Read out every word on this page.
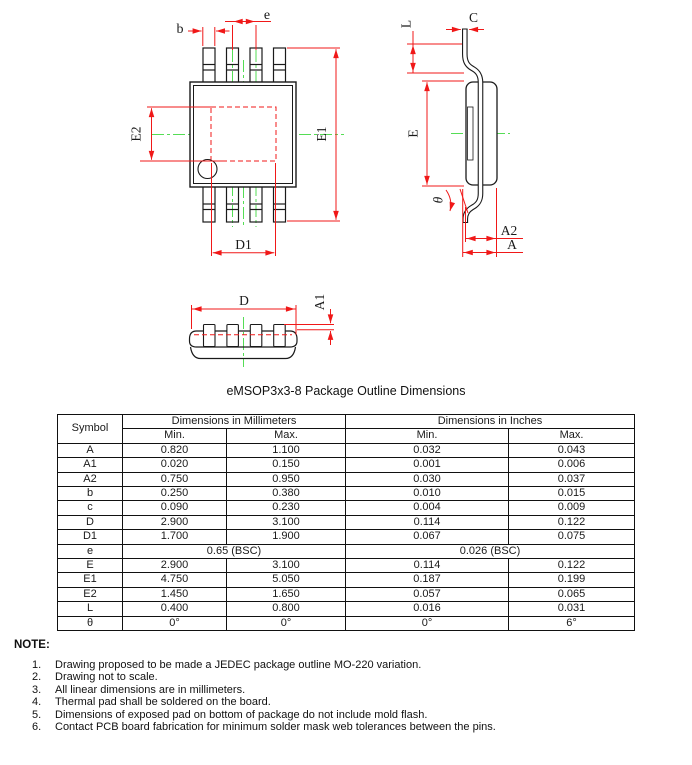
b
e
E2	E1
D1
C
L
E
θ
A2
A
D	A1
eMSOP3x3-8 Package Outline Dimensions
Symbol	Dimensions in Millimeters		Dimensions in Inches	
	Min.	Max.	Min.	Max.
A	0.820	1.100	0.032	0.043
A1	0.020	0.150	0.001	0.006
A2	0.750	0.950	0.030	0.037
b	0.250	0.380	0.010	0.015
c	0.090	0.230	0.004	0.009
D	2.900	3.100	0.114	0.122
D1	1.700	1.900	0.067	0.075
e	0.65 (BSC)		0.026 (BSC)	
E	2.900	3.100	0.114	0.122
E1	4.750	5.050	0.187	0.199
E2	1.450	1.650	0.057	0.065
L	0.400	0.800	0.016	0.031
θ	0°	0°	0°	6°
NOTE:
1.	Drawing proposed to be made a JEDEC package outline MO-220 variation.
2.	Drawing not to scale.
3.	All linear dimensions are in millimeters.
4.	Thermal pad shall be soldered on the board.
5.	Dimensions of exposed pad on bottom of package do not include mold flash.
6.	Contact PCB board fabrication for minimum solder mask web tolerances between the pins.
